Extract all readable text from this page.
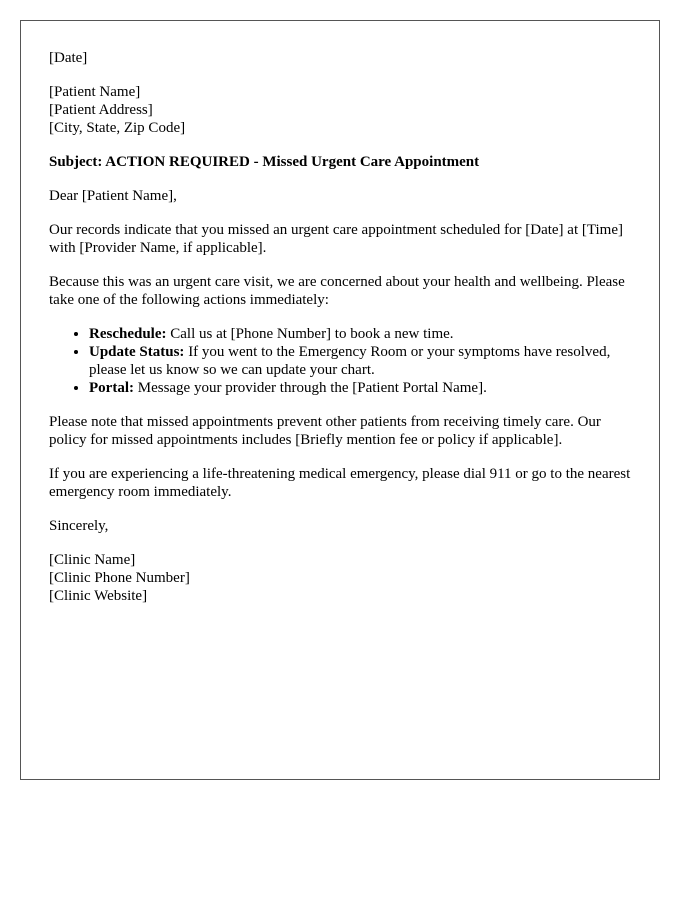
[Date]
[Patient Name]
[Patient Address]
[City, State, Zip Code]
Subject: ACTION REQUIRED - Missed Urgent Care Appointment
Dear [Patient Name],
Our records indicate that you missed an urgent care appointment scheduled for [Date] at [Time] with [Provider Name, if applicable].
Because this was an urgent care visit, we are concerned about your health and wellbeing. Please take one of the following actions immediately:
• Reschedule: Call us at [Phone Number] to book a new time.
• Update Status: If you went to the Emergency Room or your symptoms have resolved, please let us know so we can update your chart.
• Portal: Message your provider through the [Patient Portal Name].
Please note that missed appointments prevent other patients from receiving timely care. Our policy for missed appointments includes [Briefly mention fee or policy if applicable].
If you are experiencing a life-threatening medical emergency, please dial 911 or go to the nearest emergency room immediately.
Sincerely,
[Clinic Name]
[Clinic Phone Number]
[Clinic Website]
